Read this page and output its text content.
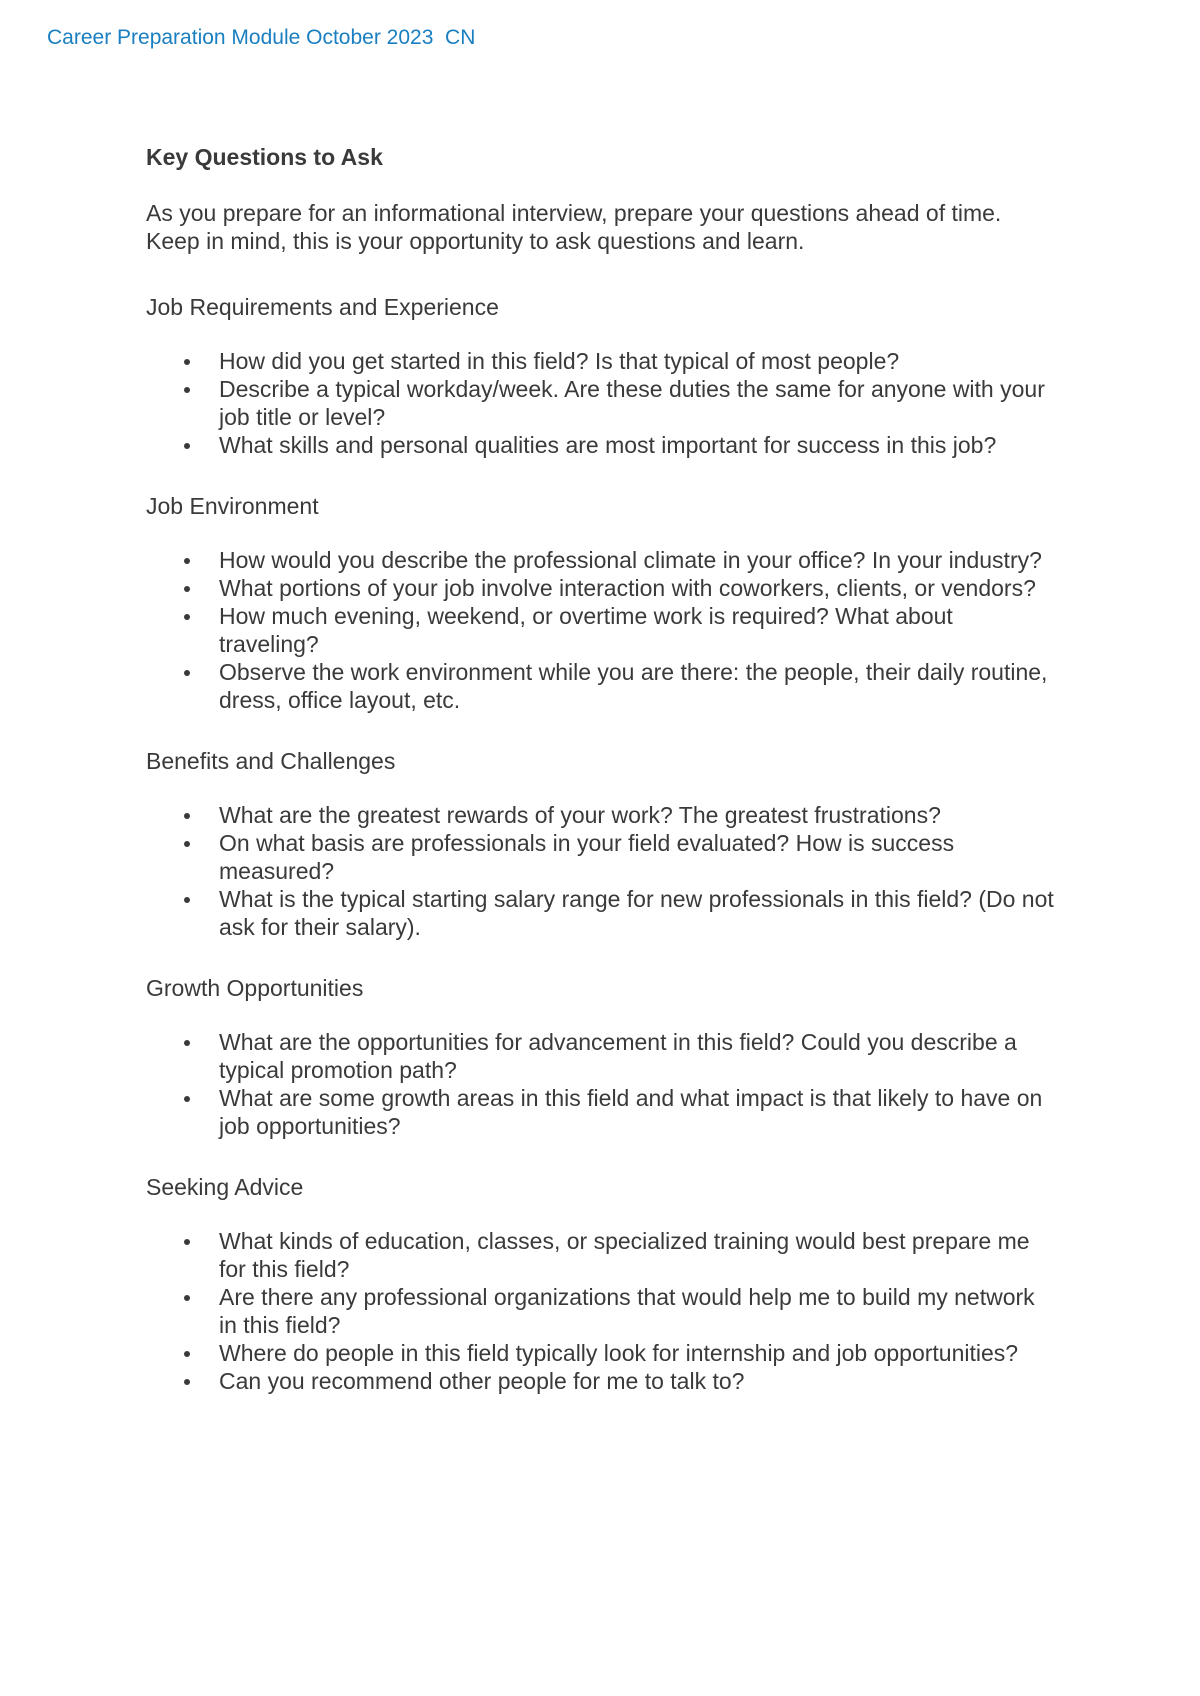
Career Preparation Module October 2023  CN
Key Questions to Ask

As you prepare for an informational interview, prepare your questions ahead of time.

Keep in mind, this is your opportunity to ask questions and learn.

Job Requirements and Experience
How did you get started in this field? Is that typical of most people?
Describe a typical workday/week. Are these duties the same for anyone with your job title or level?
What skills and personal qualities are most important for success in this job?
Job Environment
How would you describe the professional climate in your office? In your industry?
What portions of your job involve interaction with coworkers, clients, or vendors?
How much evening, weekend, or overtime work is required? What about traveling?
Observe the work environment while you are there: the people, their daily routine, dress, office layout, etc.
Benefits and Challenges
What are the greatest rewards of your work? The greatest frustrations?
On what basis are professionals in your field evaluated? How is success measured?
What is the typical starting salary range for new professionals in this field? (Do not ask for their salary).
Growth Opportunities
What are the opportunities for advancement in this field? Could you describe a typical promotion path?
What are some growth areas in this field and what impact is that likely to have on job opportunities?
Seeking Advice
What kinds of education, classes, or specialized training would best prepare me for this field?
Are there any professional organizations that would help me to build my network in this field?
Where do people in this field typically look for internship and job opportunities?
Can you recommend other people for me to talk to?
